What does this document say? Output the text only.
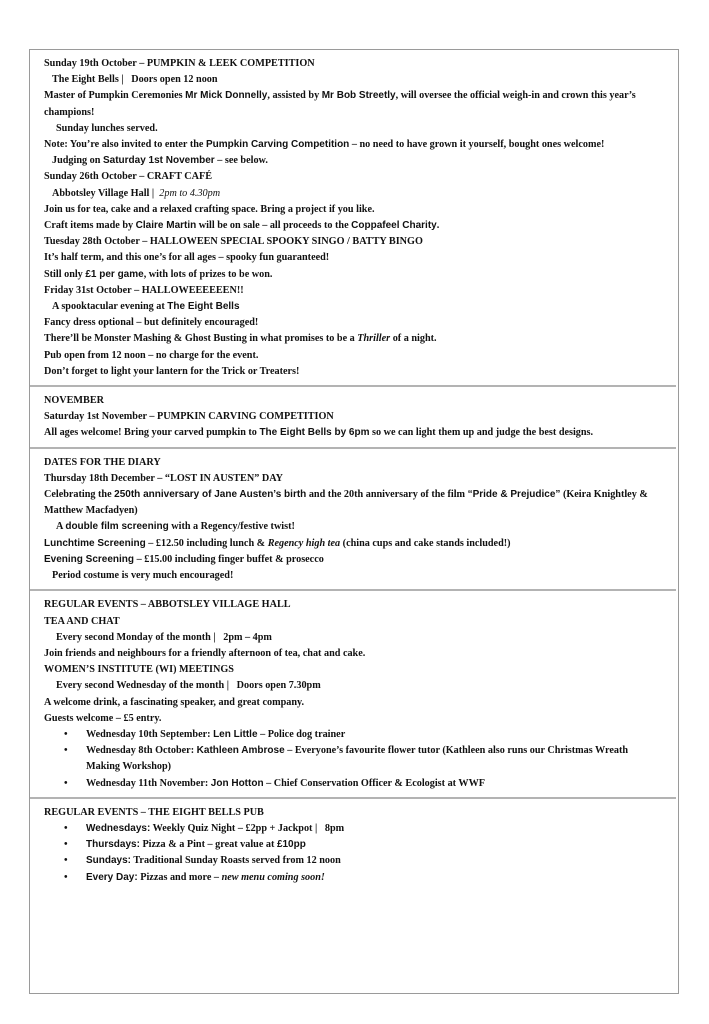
Sunday 19th October – PUMPKIN & LEEK COMPETITION
The Eight Bells | Doors open 12 noon
Master of Pumpkin Ceremonies Mr Mick Donnelly, assisted by Mr Bob Streetly, will oversee the official weigh-in and crown this year’s champions!
Sunday lunches served.
Note: You’re also invited to enter the Pumpkin Carving Competition – no need to have grown it yourself, bought ones welcome!
Judging on Saturday 1st November – see below.
Sunday 26th October – CRAFT CAFÉ
Abbotsley Village Hall | 2pm to 4.30pm
Join us for tea, cake and a relaxed crafting space. Bring a project if you like.
Craft items made by Claire Martin will be on sale – all proceeds to the Coppafeel Charity.
Tuesday 28th October – HALLOWEEN SPECIAL SPOOKY SINGO / BATTY BINGO
It’s half term, and this one’s for all ages – spooky fun guaranteed!
Still only £1 per game, with lots of prizes to be won.
Friday 31st October – HALLOWEEEEEEN!!
A spooktacular evening at The Eight Bells
Fancy dress optional – but definitely encouraged!
There’ll be Monster Mashing & Ghost Busting in what promises to be a Thriller of a night.
Pub open from 12 noon – no charge for the event.
Don’t forget to light your lantern for the Trick or Treaters!
NOVEMBER
Saturday 1st November – PUMPKIN CARVING COMPETITION
All ages welcome! Bring your carved pumpkin to The Eight Bells by 6pm so we can light them up and judge the best designs.
DATES FOR THE DIARY
Thursday 18th December – “LOST IN AUSTEN” DAY
Celebrating the 250th anniversary of Jane Austen’s birth and the 20th anniversary of the film “Pride & Prejudice” (Keira Knightley & Matthew Macfadyen)
A double film screening with a Regency/festive twist!
Lunchtime Screening – £12.50 including lunch & Regency high tea (china cups and cake stands included!)
Evening Screening – £15.00 including finger buffet & prosecco
Period costume is very much encouraged!
REGULAR EVENTS – ABBOTSLEY VILLAGE HALL
TEA AND CHAT
Every second Monday of the month | 2pm – 4pm
Join friends and neighbours for a friendly afternoon of tea, chat and cake.
WOMEN’S INSTITUTE (WI) MEETINGS
Every second Wednesday of the month | Doors open 7.30pm
A welcome drink, a fascinating speaker, and great company.
Guests welcome – £5 entry.
• Wednesday 10th September: Len Little – Police dog trainer
• Wednesday 8th October: Kathleen Ambrose – Everyone’s favourite flower tutor (Kathleen also runs our Christmas Wreath Making Workshop)
• Wednesday 11th November: Jon Hotton – Chief Conservation Officer & Ecologist at WWF
REGULAR EVENTS – THE EIGHT BELLS PUB
• Wednesdays: Weekly Quiz Night – £2pp + Jackpot | 8pm
• Thursdays: Pizza & a Pint – great value at £10pp
• Sundays: Traditional Sunday Roasts served from 12 noon
• Every Day: Pizzas and more – new menu coming soon!
